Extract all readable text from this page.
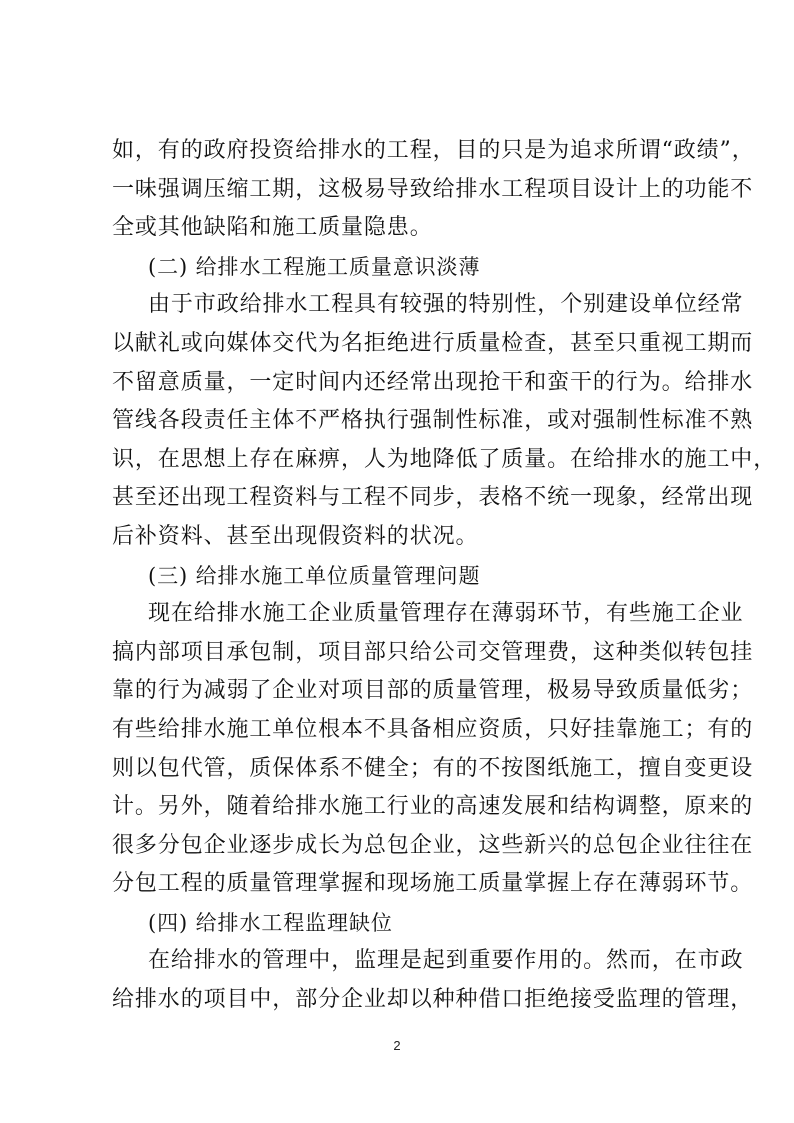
如，有的政府投资给排水的工程，目的只是为追求所谓“政绩”，
一味强调压缩工期，这极易导致给排水工程项目设计上的功能不
全或其他缺陷和施工质量隐患。
(二) 给排水工程施工质量意识淡薄
由于市政给排水工程具有较强的特别性，个别建设单位经常
以献礼或向媒体交代为名拒绝进行质量检查，甚至只重视工期而
不留意质量，一定时间内还经常出现抢干和蛮干的行为。给排水
管线各段责任主体不严格执行强制性标准，或对强制性标准不熟
识，在思想上存在麻痹，人为地降低了质量。在给排水的施工中，
甚至还出现工程资料与工程不同步，表格不统一现象，经常出现
后补资料、甚至出现假资料的状况。
(三) 给排水施工单位质量管理问题
现在给排水施工企业质量管理存在薄弱环节，有些施工企业
搞内部项目承包制，项目部只给公司交管理费，这种类似转包挂
靠的行为减弱了企业对项目部的质量管理，极易导致质量低劣；
有些给排水施工单位根本不具备相应资质，只好挂靠施工；有的
则以包代管，质保体系不健全；有的不按图纸施工，擅自变更设
计。另外，随着给排水施工行业的高速发展和结构调整，原来的
很多分包企业逐步成长为总包企业，这些新兴的总包企业往往在
分包工程的质量管理掌握和现场施工质量掌握上存在薄弱环节。
(四) 给排水工程监理缺位
在给排水的管理中，监理是起到重要作用的。然而，在市政
给排水的项目中，部分企业却以种种借口拒绝接受监理的管理，
2
